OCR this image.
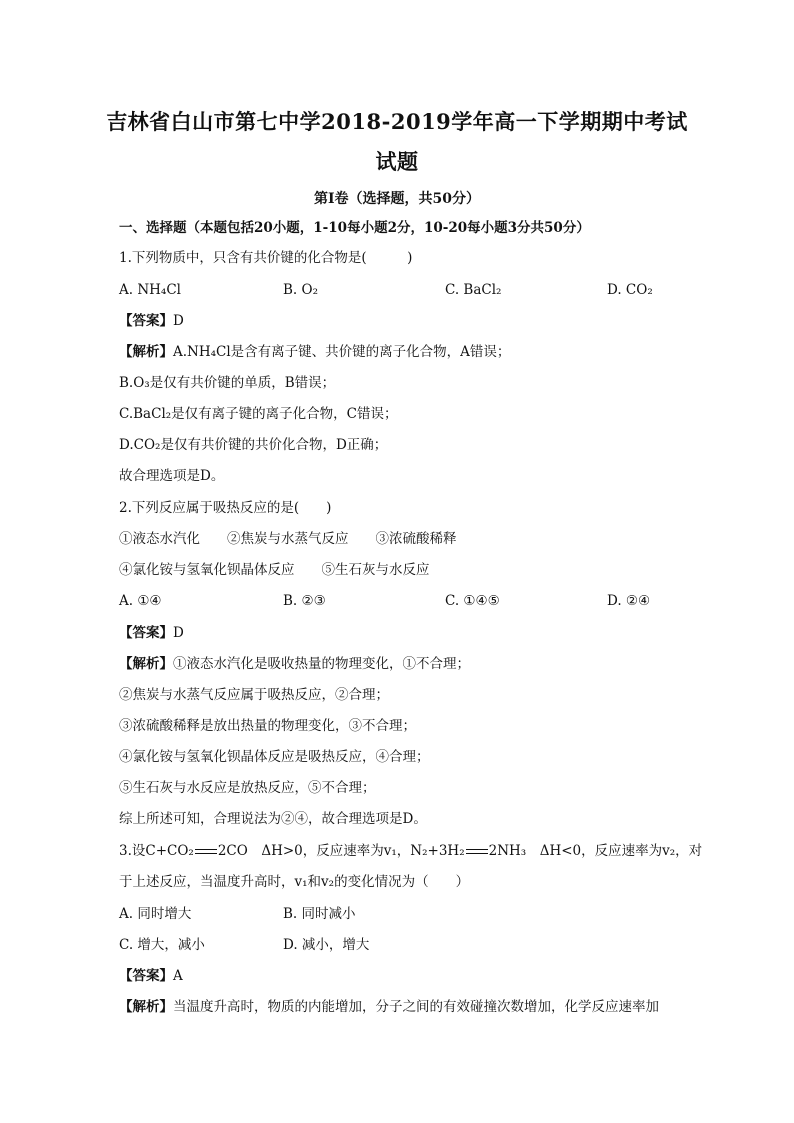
吉林省白山市第七中学2018-2019学年高一下学期期中考试
试题
第I卷（选择题，共50分）
一、选择题（本题包括20小题，1-10每小题2分，10-20每小题3分共50分）
1.下列物质中，只含有共价键的化合物是(　　　)
A. NH₄Cl	B. O₂	C. BaCl₂	D. CO₂
【答案】D
【解析】A.NH₄Cl是含有离子键、共价键的离子化合物，A错误；
B.O₃是仅有共价键的单质，B错误；
C.BaCl₂是仅有离子键的离子化合物，C错误；
D.CO₂是仅有共价键的共价化合物，D正确；
故合理选项是D。
2.下列反应属于吸热反应的是(　　)
①液态水汽化　　②焦炭与水蒸气反应　　③浓硫酸稀释
④氯化铵与氢氧化钡晶体反应　　⑤生石灰与水反应
A. ①④	B. ②③	C. ①④⑤	D. ②④
【答案】D
【解析】①液态水汽化是吸收热量的物理变化，①不合理；
②焦炭与水蒸气反应属于吸热反应，②合理；
③浓硫酸稀释是放出热量的物理变化，③不合理；
④氯化铵与氢氧化钡晶体反应是吸热反应，④合理；
⑤生石灰与水反应是放热反应，⑤不合理；
综上所述可知，合理说法为②④，故合理选项是D。
3.设C+CO₂ 2CO　ΔH>0，反应速率为v₁，N₂+3H₂ 2NH₃　ΔH<0，反应速率为v₂，对
于上述反应，当温度升高时，v₁和v₂的变化情况为（　　）
A. 同时增大	B. 同时减小
C. 增大，减小	D. 减小，增大
【答案】A
【解析】当温度升高时，物质的内能增加，分子之间的有效碰撞次数增加，化学反应速率加
